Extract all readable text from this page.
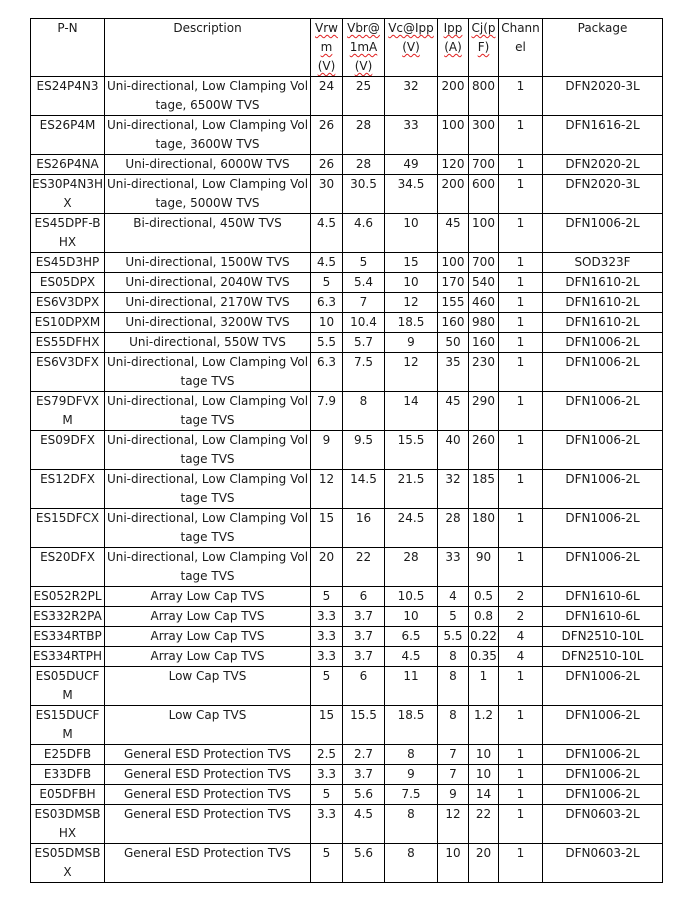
P-N	Description	Vrwm(V)	Vbr@1mA(V)	Vc@Ipp(V)	Ipp(A)	Cj(pF)	Channel	Package
ES24P4N3	Uni-directional, Low Clamping Voltage, 6500W TVS	24	25	32	200	800	1	DFN2020-3L
ES26P4M	Uni-directional, Low Clamping Voltage, 3600W TVS	26	28	33	100	300	1	DFN1616-2L
ES26P4NA	Uni-directional, 6000W TVS	26	28	49	120	700	1	DFN2020-2L
ES30P4N3HX	Uni-directional, Low Clamping Voltage, 5000W TVS	30	30.5	34.5	200	600	1	DFN2020-3L
ES45DPF-BHX	Bi-directional, 450W TVS	4.5	4.6	10	45	100	1	DFN1006-2L
ES45D3HP	Uni-directional, 1500W TVS	4.5	5	15	100	700	1	SOD323F
ES05DPX	Uni-directional, 2040W TVS	5	5.4	10	170	540	1	DFN1610-2L
ES6V3DPX	Uni-directional, 2170W TVS	6.3	7	12	155	460	1	DFN1610-2L
ES10DPXM	Uni-directional, 3200W TVS	10	10.4	18.5	160	980	1	DFN1610-2L
ES55DFHX	Uni-directional, 550W TVS	5.5	5.7	9	50	160	1	DFN1006-2L
ES6V3DFX	Uni-directional, Low Clamping Voltage TVS	6.3	7.5	12	35	230	1	DFN1006-2L
ES79DFVXM	Uni-directional, Low Clamping Voltage TVS	7.9	8	14	45	290	1	DFN1006-2L
ES09DFX	Uni-directional, Low Clamping Voltage TVS	9	9.5	15.5	40	260	1	DFN1006-2L
ES12DFX	Uni-directional, Low Clamping Voltage TVS	12	14.5	21.5	32	185	1	DFN1006-2L
ES15DFCX	Uni-directional, Low Clamping Voltage TVS	15	16	24.5	28	180	1	DFN1006-2L
ES20DFX	Uni-directional, Low Clamping Voltage TVS	20	22	28	33	90	1	DFN1006-2L
ES052R2PL	Array Low Cap TVS	5	6	10.5	4	0.5	2	DFN1610-6L
ES332R2PA	Array Low Cap TVS	3.3	3.7	10	5	0.8	2	DFN1610-6L
ES334RTBP	Array Low Cap TVS	3.3	3.7	6.5	5.5	0.22	4	DFN2510-10L
ES334RTPH	Array Low Cap TVS	3.3	3.7	4.5	8	0.35	4	DFN2510-10L
ES05DUCFM	Low Cap TVS	5	6	11	8	1	1	DFN1006-2L
ES15DUCFM	Low Cap TVS	15	15.5	18.5	8	1.2	1	DFN1006-2L
E25DFB	General ESD Protection TVS	2.5	2.7	8	7	10	1	DFN1006-2L
E33DFB	General ESD Protection TVS	3.3	3.7	9	7	10	1	DFN1006-2L
E05DFBH	General ESD Protection TVS	5	5.6	7.5	9	14	1	DFN1006-2L
ES03DMSBHX	General ESD Protection TVS	3.3	4.5	8	12	22	1	DFN0603-2L
ES05DMSBX	General ESD Protection TVS	5	5.6	8	10	20	1	DFN0603-2L
